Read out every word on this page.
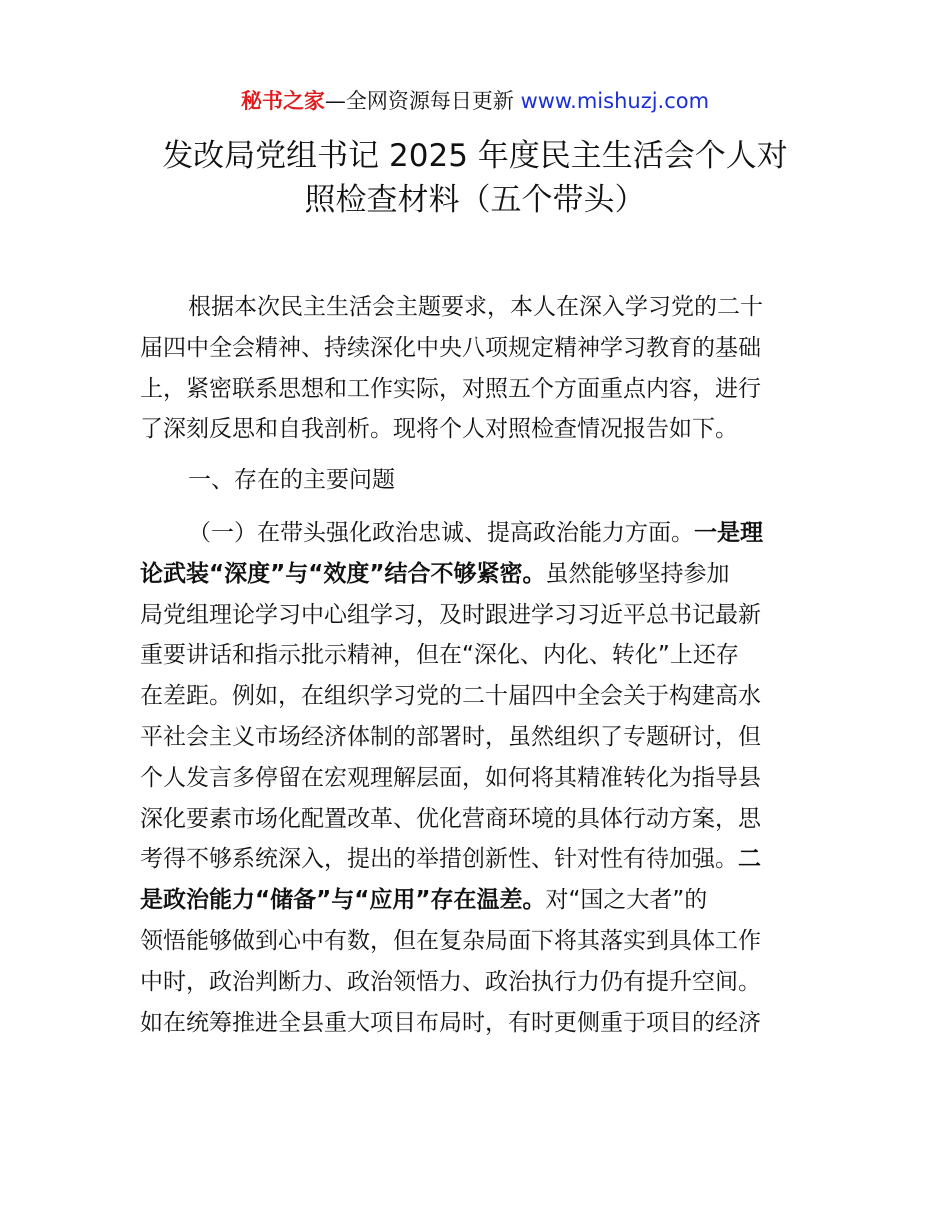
秘书之家—全网资源每日更新 www.mishuzj.com
发改局党组书记 2025 年度民主生活会个人对
照检查材料（五个带头）

根据本次民主生活会主题要求，本人在深入学习党的二十
届四中全会精神、持续深化中央八项规定精神学习教育的基础
上，紧密联系思想和工作实际，对照五个方面重点内容，进行
了深刻反思和自我剖析。现将个人对照检查情况报告如下。

一、存在的主要问题

（一）在带头强化政治忠诚、提高政治能力方面。一是理
论武装“深度”与“效度”结合不够紧密。虽然能够坚持参加
局党组理论学习中心组学习，及时跟进学习习近平总书记最新
重要讲话和指示批示精神，但在“深化、内化、转化”上还存
在差距。例如，在组织学习党的二十届四中全会关于构建高水
平社会主义市场经济体制的部署时，虽然组织了专题研讨，但
个人发言多停留在宏观理解层面，如何将其精准转化为指导县
深化要素市场化配置改革、优化营商环境的具体行动方案，思
考得不够系统深入，提出的举措创新性、针对性有待加强。二
是政治能力“储备”与“应用”存在温差。对“国之大者”的
领悟能够做到心中有数，但在复杂局面下将其落实到具体工作
中时，政治判断力、政治领悟力、政治执行力仍有提升空间。
如在统筹推进全县重大项目布局时，有时更侧重于项目的经济
